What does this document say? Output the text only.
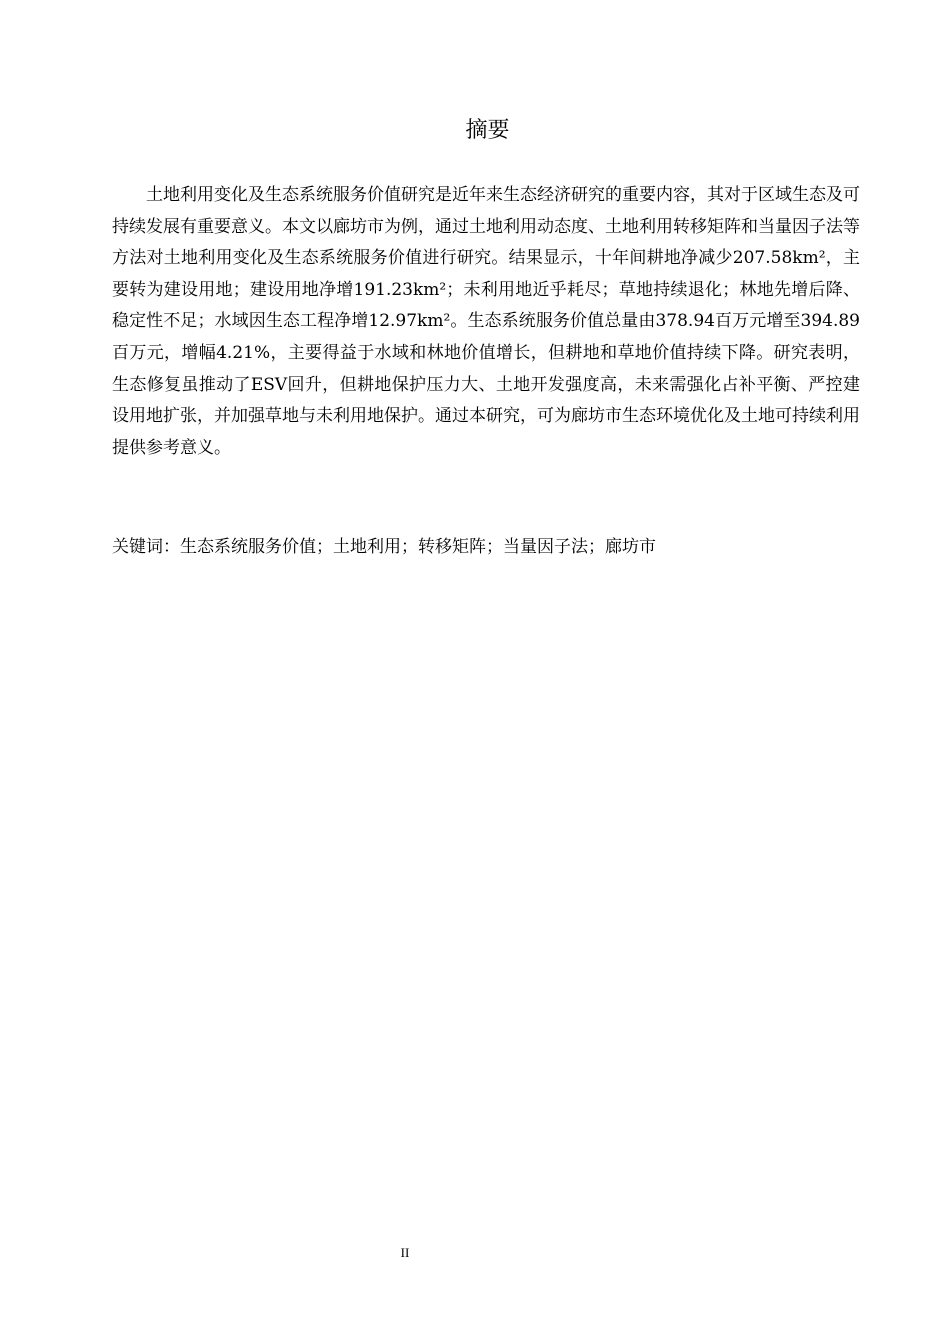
摘要

土地利用变化及生态系统服务价值研究是近年来生态经济研究的重要内容，其对于区域生态及可持续发展有重要意义。本文以廊坊市为例，通过土地利用动态度、土地利用转移矩阵和当量因子法等方法对土地利用变化及生态系统服务价值进行研究。结果显示，十年间耕地净减少207.58km²，主要转为建设用地；建设用地净增191.23km²；未利用地近乎耗尽；草地持续退化；林地先增后降、稳定性不足；水域因生态工程净增12.97km²。生态系统服务价值总量由378.94百万元增至394.89百万元，增幅4.21%，主要得益于水域和林地价值增长，但耕地和草地价值持续下降。研究表明，生态修复虽推动了ESV回升，但耕地保护压力大、土地开发强度高，未来需强化占补平衡、严控建设用地扩张，并加强草地与未利用地保护。通过本研究，可为廊坊市生态环境优化及土地可持续利用提供参考意义。

关键词：生态系统服务价值；土地利用；转移矩阵；当量因子法；廊坊市

II
